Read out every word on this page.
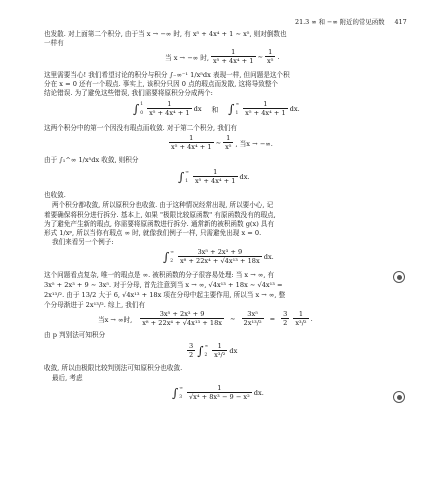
21.3 ∞ 和 −∞ 附近的常见函数 417
也发散. 对上面第二个积分, 由于当 x → −∞ 时, 有 x⁵ + 4x⁴ + 1 ∼ x⁵, 则对倒数也
一样有
当 x → −∞ 时, $\frac{1}{\text{x⁵ + 4x⁴ + 1}}$ ∼ $\frac{1}{\text{x⁵}}$ .
这里需要当心! 我们希望讨论的积分与积分 ∫₋∞⁻¹ 1/x⁵dx 表现一样, 但问题是这个积
分在 x = 0 还有一个瑕点. 事实上, 该积分只因 0 点的瑕点而发散, 这将导致整个
结论错误. 为了避免这些错误, 我们需要将原积分分成两个:
∫ 1
$0 \frac{1}{\text{x⁵ + 4x⁴ + 1}}$ dx 和 ∫ ∞
$1 \frac{1}{\text{x⁵ + 4x⁴ + 1}}$ dx.
这两个积分中的第一个因没有瑕点而收敛. 对于第二个积分, 我们有
$\frac{1}{\text{x⁵ + 4x⁴ + 1}}$ ∼ $\frac{1}{\text{x⁵}}$ , 当x → −∞.
由于 ∫₁^∞ 1/x⁵dx 收敛, 则积分
∫ ∞
$1 \frac{1}{\text{x⁵ + 4x⁴ + 1}}$ dx.
也收敛.
两个积分都收敛, 所以原积分也收敛. 由于这种情况经常出现, 所以要小心, 记
着要确保将积分进行拆分. 基本上, 如果 "极限比较原函数" 有原函数没有的瑕点,
为了避免产生新的瑕点, 你需要将原函数进行拆分. 通常新的被积函数 g(x) 具有
形式 1/xᵖ, 所以当你有瑕点 ∞ 时, 就像我们例子一样, 只需避免出现 x = 0.
我们来看另一个例子:
∫ ∞
$2 \frac{\text{3x⁵ + 2x³ + 9}}{\text{x⁸ + 22x⁴ + √4x¹³ + 18x}}$ dx.
这个问题看点复杂, 唯一的瑕点是 ∞. 被积函数的分子很容易处理: 当 x → ∞, 有
3x⁵ + 2x³ + 9 ∼ 3x⁵. 对于分母, 首先注意到当 x → ∞, √4x¹³ + 18x ∼ √4x¹³ =
2x¹³/². 由于 13/2 大于 6, √4x¹³ + 18x 项在分母中起主要作用, 所以当 x → ∞, 整
个分母渐进于 2x¹³/². 综上, 我们有
当x → ∞时, $\frac{\text{3x⁵ + 2x³ + 9}}{\text{x⁸ + 22x⁴ + √4x¹³ + 18x}}$ ∼ $\frac{\text{3x⁵}}{\text{2x¹³/²}} = \frac{3}{2} \frac{1}{\text{x³/²}}$ .
由 p 判别法可知积分
$\frac{3}{2}$ ∫ ∞
$2 \frac{1}{\text{x³/²}}$ dx
收敛, 所以由极限比较判别法可知原积分也收敛.
最后, 考虑
∫ ∞
$3 \frac{1}{\text{√x⁴ + 8x³ − 9 − x²}}$ dx.
